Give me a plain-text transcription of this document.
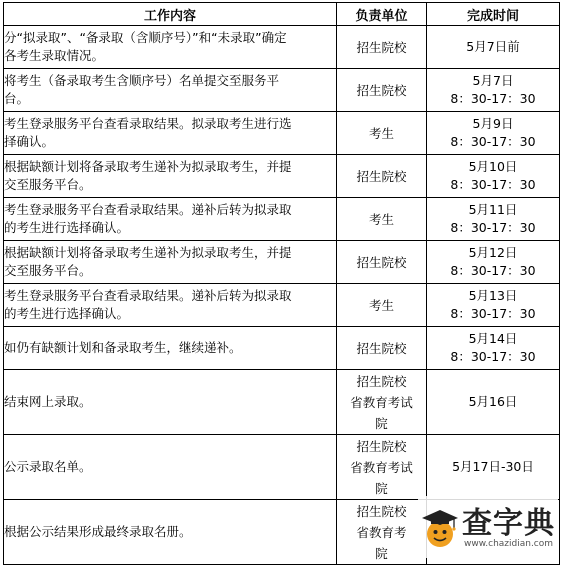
工作内容	负责单位	完成时间

分“拟录取”、“备录取（含顺序号）”和“未录取”确定
各考生录取情况。	招生院校	5月7日前

将考生（备录取考生含顺序号）名单提交至服务平
台。	招生院校	5月7日
8：30-17：30

考生登录服务平台查看录取结果。拟录取考生进行选
择确认。	考生	5月9日
8：30-17：30

根据缺额计划将备录取考生递补为拟录取考生，并提
交至服务平台。	招生院校	5月10日
8：30-17：30

考生登录服务平台查看录取结果。递补后转为拟录取
的考生进行选择确认。	考生	5月11日
8：30-17：30

根据缺额计划将备录取考生递补为拟录取考生，并提
交至服务平台。	招生院校	5月12日
8：30-17：30

考生登录服务平台查看录取结果。递补后转为拟录取
的考生进行选择确认。	考生	5月13日
8：30-17：30

如仍有缺额计划和备录取考生，继续递补。	招生院校	5月14日
8：30-17：30

结束网上录取。	招生院校
省教育考试
院	5月16日

公示录取名单。	招生院校
省教育考试
院	5月17日-30日

根据公示结果形成最终录取名册。	招生院校
省教育考
院	

查字典
www.chazidian.com
